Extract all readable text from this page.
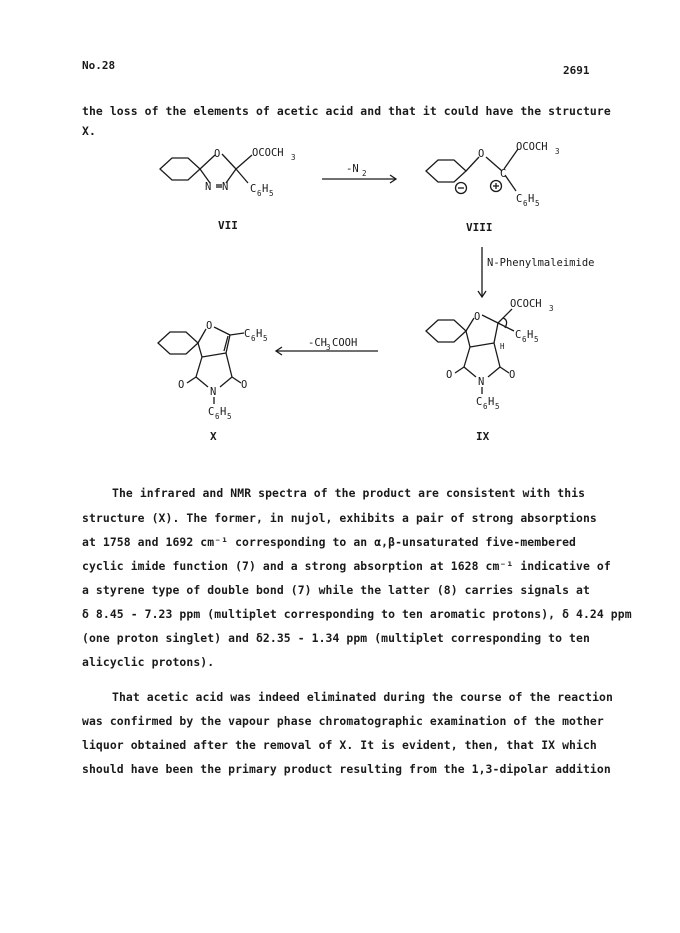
No.28	2691
the loss of the elements of acetic acid and that it could have the structure
X.
O	OCOCH 3
N N C 6 H 5
VII
-N 2
O
C
OCOCH 3
C 6 H 5
VIII
N-Phenylmaleimide
O
OCOCH 3
H
C 6 H 5
O	O
N
C 6 H 5
IX
-CH 3 COOH
O
C 6 H 5
O	O
N
C 6 H 5
X
The infrared and NMR spectra of the product are consistent with this
structure (X). The former, in nujol, exhibits a pair of strong absorptions
at 1758 and 1692 cm⁻¹ corresponding to an α,β-unsaturated five-membered
cyclic imide function (7) and a strong absorption at 1628 cm⁻¹ indicative of
a styrene type of double bond (7) while the latter (8) carries signals at
δ 8.45 - 7.23 ppm (multiplet corresponding to ten aromatic protons), δ 4.24 ppm
(one proton singlet) and δ2.35 - 1.34 ppm (multiplet corresponding to ten
alicyclic protons).
That acetic acid was indeed eliminated during the course of the reaction
was confirmed by the vapour phase chromatographic examination of the mother
liquor obtained after the removal of X. It is evident, then, that IX which
should have been the primary product resulting from the 1,3-dipolar addition
